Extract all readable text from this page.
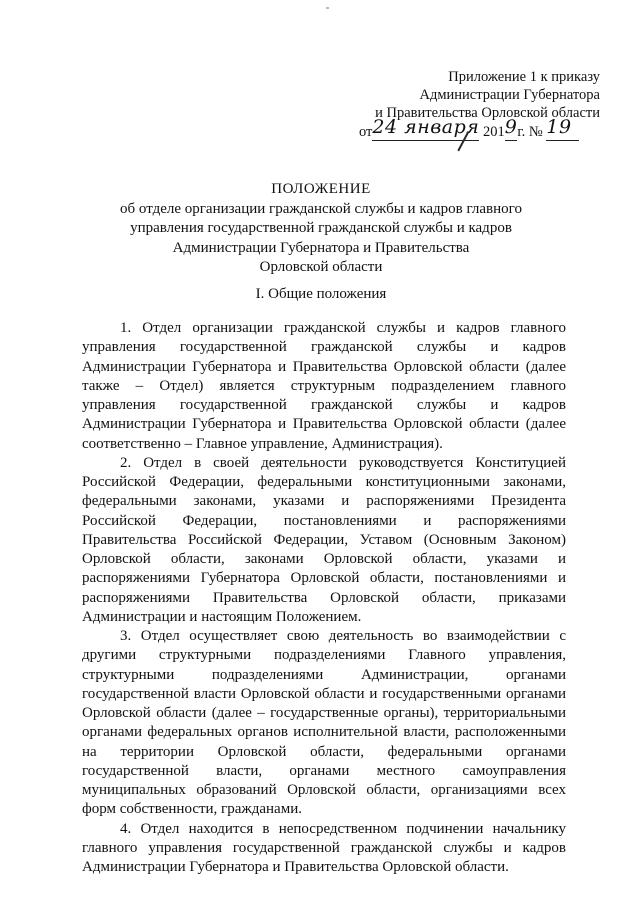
Приложение 1 к приказу
Администрации Губернатора
и Правительства Орловской области
от24 января 2019г. № 19
ПОЛОЖЕНИЕ
об отделе организации гражданской службы и кадров главного
управления государственной гражданской службы и кадров
Администрации Губернатора и Правительства
Орловской области
I. Общие положения

1. Отдел организации гражданской службы и кадров главного управления государственной гражданской службы и кадров Администрации Губернатора и Правительства Орловской области (далее также – Отдел) является структурным подразделением главного управления государственной гражданской службы и кадров Администрации Губернатора и Правительства Орловской области (далее соответственно – Главное управление, Администрация).

2. Отдел в своей деятельности руководствуется Конституцией Российской Федерации, федеральными конституционными законами, федеральными законами, указами и распоряжениями Президента Российской Федерации, постановлениями и распоряжениями Правительства Российской Федерации, Уставом (Основным Законом) Орловской области, законами Орловской области, указами и распоряжениями Губернатора Орловской области, постановлениями и распоряжениями Правительства Орловской области, приказами Администрации и настоящим Положением.

3. Отдел осуществляет свою деятельность во взаимодействии с другими структурными подразделениями Главного управления, структурными подразделениями Администрации, органами государственной власти Орловской области и государственными органами Орловской области (далее – государственные органы), территориальными органами федеральных органов исполнительной власти, расположенными на территории Орловской области, федеральными органами государственной власти, органами местного самоуправления муниципальных образований Орловской области, организациями всех форм собственности, гражданами.

4. Отдел находится в непосредственном подчинении начальнику главного управления государственной гражданской службы и кадров Администрации Губернатора и Правительства Орловской области.
